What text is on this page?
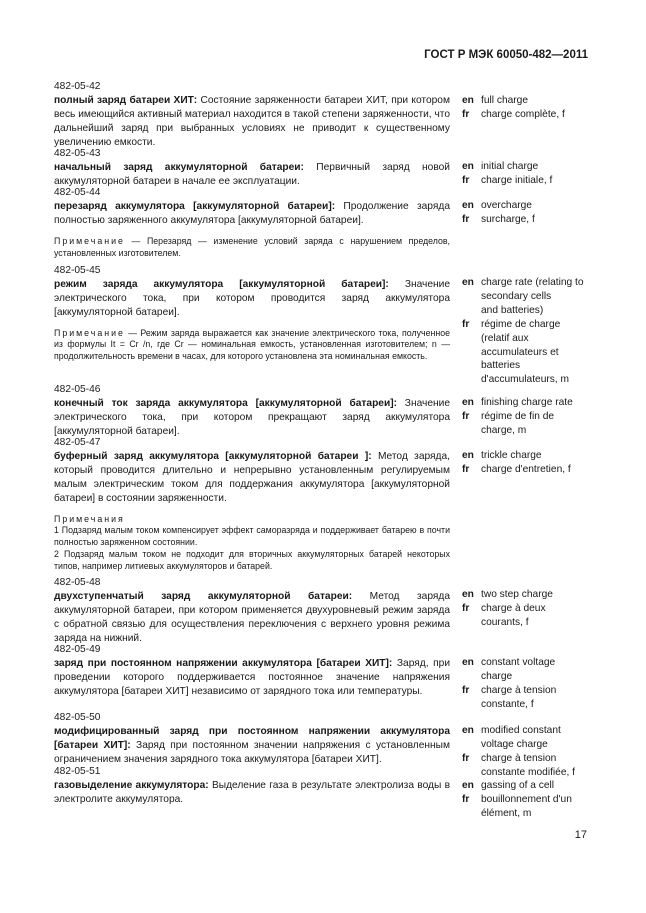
ГОСТ Р МЭК 60050-482—2011
482-05-42
полный заряд батареи ХИТ: Состояние заряженности батареи ХИТ, при котором весь имеющийся активный материал находится в такой степени заряженности, что дальнейший заряд при выбранных условиях не приводит к существенному увеличению емкости.
482-05-43
начальный заряд аккумуляторной батареи: Первичный заряд новой аккумуляторной батареи в начале ее эксплуатации.
482-05-44
перезаряд аккумулятора [аккумуляторной батареи]: Продолжение заряда полностью заряженного аккумулятора [аккумуляторной батареи].
Примечание — Перезаряд — изменение условий заряда с нарушением пределов, установленных изготовителем.
482-05-45
режим заряда аккумулятора [аккумуляторной батареи]: Значение электрического тока, при котором проводится заряд аккумулятора [аккумуляторной батареи].
Примечание — Режим заряда выражается как значение электрического тока, полученное из формулы It = Cr /n, где Cr — номинальная емкость, установленная изготовителем; n — продолжительность времени в часах, для которого установлена эта номинальная емкость.
482-05-46
конечный ток заряда аккумулятора [аккумуляторной батареи]: Значение электрического тока, при котором прекращают заряд аккумулятора [аккумуляторной батареи].
482-05-47
буферный заряд аккумулятора [аккумуляторной батареи ]: Метод заряда, который проводится длительно и непрерывно установленным регулируемым малым электрическим током для поддержания аккумулятора [аккумуляторной батареи] в состоянии заряженности.
Примечания
1 Подзаряд малым током компенсирует эффект саморазряда и поддерживает батарею в почти полностью заряженном состоянии.
2 Подзаряд малым током не подходит для вторичных аккумуляторных батарей некоторых типов, например литиевых аккумуляторов и батарей.
482-05-48
двухступенчатый заряд аккумуляторной батареи: Метод заряда аккумуляторной батареи, при котором применяется двухуровневый режим заряда с обратной связью для осуществления переключения с верхнего уровня режима заряда на нижний.
482-05-49
заряд при постоянном напряжении аккумулятора [батареи ХИТ]: Заряд, при проведении которого поддерживается постоянное значение напряжения аккумулятора [батареи ХИТ] независимо от зарядного тока или температуры.
482-05-50
модифицированный заряд при постоянном напряжении аккумулятора [батареи ХИТ]: Заряд при постоянном значении напряжения с установленным ограничением значения зарядного тока аккумулятора [батареи ХИТ].
482-05-51
газовыделение аккумулятора: Выделение газа в результате электролиза воды в электролите аккумулятора.
en full charge
fr	charge complète, f
en initial charge
fr	charge initiale, f
en overcharge
fr	surcharge, f
en charge rate (relating to
secondary cells
and batteries)
fr	régime de charge
(relatif aux
accumulateurs et
batteries
d'accumulateurs, m
en finishing charge rate
fr	régime de fin de
charge, m
en trickle charge
fr	charge d'entretien, f
en two step charge
fr	charge à deux
courants, f
en constant voltage
charge
fr	charge à tension
constante, f
en modified constant
voltage charge
fr	charge à tension
constante modifiée, f
en gassing of a cell
fr	bouillonnement d'un
élément, m
17
